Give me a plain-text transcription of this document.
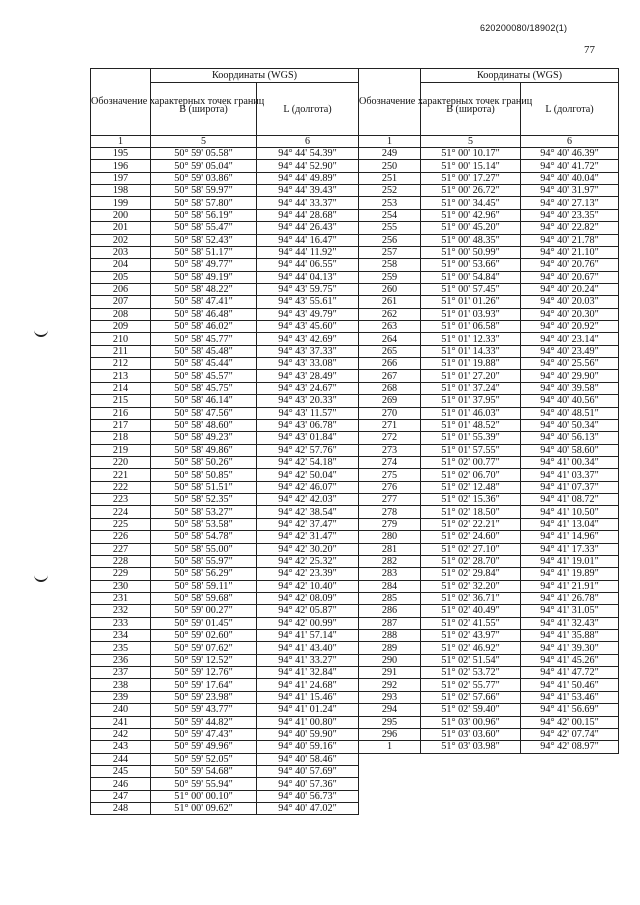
620200080/18902(1)
77
Обозначение характерных точек границ	Координаты (WGS)	
	B (широта)	L (долгота)
1	5	6
195	50° 59' 05.58"	94° 44' 54.39"
196	50° 59' 05.04"	94° 44' 52.90"
197	50° 59' 03.86"	94° 44' 49.89"
198	50° 58' 59.97"	94° 44' 39.43"
199	50° 58' 57.80"	94° 44' 33.37"
200	50° 58' 56.19"	94° 44' 28.68"
201	50° 58' 55.47"	94° 44' 26.43"
202	50° 58' 52.43"	94° 44' 16.47"
203	50° 58' 51.17"	94° 44' 11.92"
204	50° 58' 49.77"	94° 44' 06.55"
205	50° 58' 49.19"	94° 44' 04.13"
206	50° 58' 48.22"	94° 43' 59.75"
207	50° 58' 47.41"	94° 43' 55.61"
208	50° 58' 46.48"	94° 43' 49.79"
209	50° 58' 46.02"	94° 43' 45.60"
210	50° 58' 45.77"	94° 43' 42.69"
211	50° 58' 45.48"	94° 43' 37.33"
212	50° 58' 45.44"	94° 43' 33.08"
213	50° 58' 45.57"	94° 43' 28.49"
214	50° 58' 45.75"	94° 43' 24.67"
215	50° 58' 46.14"	94° 43' 20.33"
216	50° 58' 47.56"	94° 43' 11.57"
217	50° 58' 48.60"	94° 43' 06.78"
218	50° 58' 49.23"	94° 43' 01.84"
219	50° 58' 49.86"	94° 42' 57.76"
220	50° 58' 50.26"	94° 42' 54.18"
221	50° 58' 50.85"	94° 42' 50.04"
222	50° 58' 51.51"	94° 42' 46.07"
223	50° 58' 52.35"	94° 42' 42.03"
224	50° 58' 53.27"	94° 42' 38.54"
225	50° 58' 53.58"	94° 42' 37.47"
226	50° 58' 54.78"	94° 42' 31.47"
227	50° 58' 55.00"	94° 42' 30.20"
228	50° 58' 55.97"	94° 42' 25.32"
229	50° 58' 56.29"	94° 42' 23.39"
230	50° 58' 59.11"	94° 42' 10.40"
231	50° 58' 59.68"	94° 42' 08.09"
232	50° 59' 00.27"	94° 42' 05.87"
233	50° 59' 01.45"	94° 42' 00.99"
234	50° 59' 02.60"	94° 41' 57.14"
235	50° 59' 07.62"	94° 41' 43.40"
236	50° 59' 12.52"	94° 41' 33.27"
237	50° 59' 12.76"	94° 41' 32.84"
238	50° 59' 17.64"	94° 41' 24.68"
239	50° 59' 23.98"	94° 41' 15.46"
240	50° 59' 43.77"	94° 41' 01.24"
241	50° 59' 44.82"	94° 41' 00.80"
242	50° 59' 47.43"	94° 40' 59.90"
243	50° 59' 49.96"	94° 40' 59.16"
244	50° 59' 52.05"	94° 40' 58.46"
245	50° 59' 54.68"	94° 40' 57.69"
246	50° 59' 55.94"	94° 40' 57.36"
247	51° 00' 00.10"	94° 40' 56.73"
248	51° 00' 09.62"	94° 40' 47.02"
Обозначение характерных точек границ	Координаты (WGS)	
	B (широта)	L (долгота)
1	5	6
249	51° 00' 10.17"	94° 40' 46.39"
250	51° 00' 15.14"	94° 40' 41.72"
251	51° 00' 17.27"	94° 40' 40.04"
252	51° 00' 26.72"	94° 40' 31.97"
253	51° 00' 34.45"	94° 40' 27.13"
254	51° 00' 42.96"	94° 40' 23.35"
255	51° 00' 45.20"	94° 40' 22.82"
256	51° 00' 48.35"	94° 40' 21.78"
257	51° 00' 50.99"	94° 40' 21.10"
258	51° 00' 53.66"	94° 40' 20.76"
259	51° 00' 54.84"	94° 40' 20.67"
260	51° 00' 57.45"	94° 40' 20.24"
261	51° 01' 01.26"	94° 40' 20.03"
262	51° 01' 03.93"	94° 40' 20.30"
263	51° 01' 06.58"	94° 40' 20.92"
264	51° 01' 12.33"	94° 40' 23.14"
265	51° 01' 14.33"	94° 40' 23.49"
266	51° 01' 19.88"	94° 40' 25.56"
267	51° 01' 27.20"	94° 40' 29.90"
268	51° 01' 37.24"	94° 40' 39.58"
269	51° 01' 37.95"	94° 40' 40.56"
270	51° 01' 46.03"	94° 40' 48.51"
271	51° 01' 48.52"	94° 40' 50.34"
272	51° 01' 55.39"	94° 40' 56.13"
273	51° 01' 57.55"	94° 40' 58.60"
274	51° 02' 00.77"	94° 41' 00.34"
275	51° 02' 06.70"	94° 41' 03.37"
276	51° 02' 12.48"	94° 41' 07.37"
277	51° 02' 15.36"	94° 41' 08.72"
278	51° 02' 18.50"	94° 41' 10.50"
279	51° 02' 22.21"	94° 41' 13.04"
280	51° 02' 24.60"	94° 41' 14.96"
281	51° 02' 27.10"	94° 41' 17.33"
282	51° 02' 28.70"	94° 41' 19.01"
283	51° 02' 29.84"	94° 41' 19.89"
284	51° 02' 32.20"	94° 41' 21.91"
285	51° 02' 36.71"	94° 41' 26.78"
286	51° 02' 40.49"	94° 41' 31.05"
287	51° 02' 41.55"	94° 41' 32.43"
288	51° 02' 43.97"	94° 41' 35.88"
289	51° 02' 46.92"	94° 41' 39.30"
290	51° 02' 51.54"	94° 41' 45.26"
291	51° 02' 53.72"	94° 41' 47.72"
292	51° 02' 55.77"	94° 41' 50.46"
293	51° 02' 57.66"	94° 41' 53.46"
294	51° 02' 59.40"	94° 41' 56.69"
295	51° 03' 00.96"	94° 42' 00.15"
296	51° 03' 03.60"	94° 42' 07.74"
1	51° 03' 03.98"	94° 42' 08.97"
